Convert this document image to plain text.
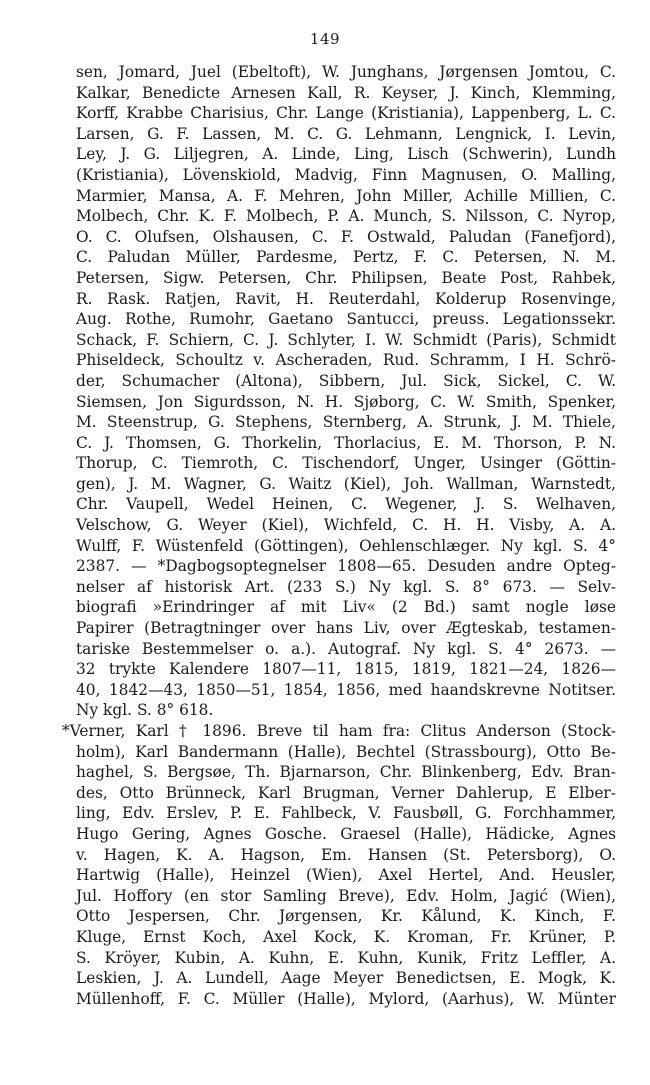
149
sen, Jomard, Juel (Ebeltoft), W. Junghans, Jørgensen Jomtou, C.
Kalkar, Benedicte Arnesen Kall, R. Keyser, J. Kinch, Klemming,
Korff, Krabbe Charisius, Chr. Lange (Kristiania), Lappenberg, L. C.
Larsen, G. F. Lassen, M. C. G. Lehmann, Lengnick, I. Levin,
Ley, J. G. Liljegren, A. Linde, Ling, Lisch (Schwerin), Lundh
(Kristiania), Lövenskiold, Madvig, Finn Magnusen, O. Malling,
Marmier, Mansa, A. F. Mehren, John Miller, Achille Millien, C.
Molbech, Chr. K. F. Molbech, P. A. Munch, S. Nilsson, C. Nyrop,
O. C. Olufsen, Olshausen, C. F. Ostwald, Paludan (Fanefjord),
C. Paludan Müller, Pardesme, Pertz, F. C. Petersen, N. M.
Petersen, Sigw. Petersen, Chr. Philipsen, Beate Post, Rahbek,
R. Rask. Ratjen, Ravit, H. Reuterdahl, Kolderup Rosenvinge,
Aug. Rothe, Rumohr, Gaetano Santucci, preuss. Legationssekr.
Schack, F. Schiern, C. J. Schlyter, I. W. Schmidt (Paris), Schmidt
Phiseldeck, Schoultz v. Ascheraden, Rud. Schramm, I H. Schrö-
der, Schumacher (Altona), Sibbern, Jul. Sick, Sickel, C. W.
Siemsen, Jon Sigurdsson, N. H. Sjøborg, C. W. Smith, Spenker,
M. Steenstrup, G. Stephens, Sternberg, A. Strunk, J. M. Thiele,
C. J. Thomsen, G. Thorkelin, Thorlacius, E. M. Thorson, P. N.
Thorup, C. Tiemroth, C. Tischendorf, Unger, Usinger (Göttin-
gen), J. M. Wagner, G. Waitz (Kiel), Joh. Wallman, Warnstedt,
Chr. Vaupell, Wedel Heinen, C. Wegener, J. S. Welhaven,
Velschow, G. Weyer (Kiel), Wichfeld, C. H. H. Visby, A. A.
Wulff, F. Wüstenfeld (Göttingen), Oehlenschlæger. Ny kgl. S. 4°
2387. — *Dagbogsoptegnelser 1808—65. Desuden andre Opteg-
nelser af historisk Art. (233 S.) Ny kgl. S. 8° 673. — Selv-
biografi »Erindringer af mit Liv« (2 Bd.) samt nogle løse
Papirer (Betragtninger over hans Liv, over Ægteskab, testamen-
tariske Bestemmelser o. a.). Autograf. Ny kgl. S. 4° 2673. —
32 trykte Kalendere 1807—11, 1815, 1819, 1821—24, 1826—
40, 1842—43, 1850—51, 1854, 1856, med haandskrevne Notitser.
Ny kgl. S. 8° 618.
*Verner, Karl † 1896. Breve til ham fra: Clitus Anderson (Stock-
holm), Karl Bandermann (Halle), Bechtel (Strassbourg), Otto Be-
haghel, S. Bergsøe, Th. Bjarnarson, Chr. Blinkenberg, Edv. Bran-
des, Otto Brünneck, Karl Brugman, Verner Dahlerup, E Elber-
ling, Edv. Erslev, P. E. Fahlbeck, V. Fausbøll, G. Forchhammer,
Hugo Gering, Agnes Gosche. Graesel (Halle), Hädicke, Agnes
v. Hagen, K. A. Hagson, Em. Hansen (St. Petersborg), O.
Hartwig (Halle), Heinzel (Wien), Axel Hertel, And. Heusler,
Jul. Hoffory (en stor Samling Breve), Edv. Holm, Jagić (Wien),
Otto Jespersen, Chr. Jørgensen, Kr. Kålund, K. Kinch, F.
Kluge, Ernst Koch, Axel Kock, K. Kroman, Fr. Krüner, P.
S. Kröyer, Kubin, A. Kuhn, E. Kuhn, Kunik, Fritz Leffler, A.
Leskien, J. A. Lundell, Aage Meyer Benedictsen, E. Mogk, K.
Müllenhoff, F. C. Müller (Halle), Mylord, (Aarhus), W. Münter
